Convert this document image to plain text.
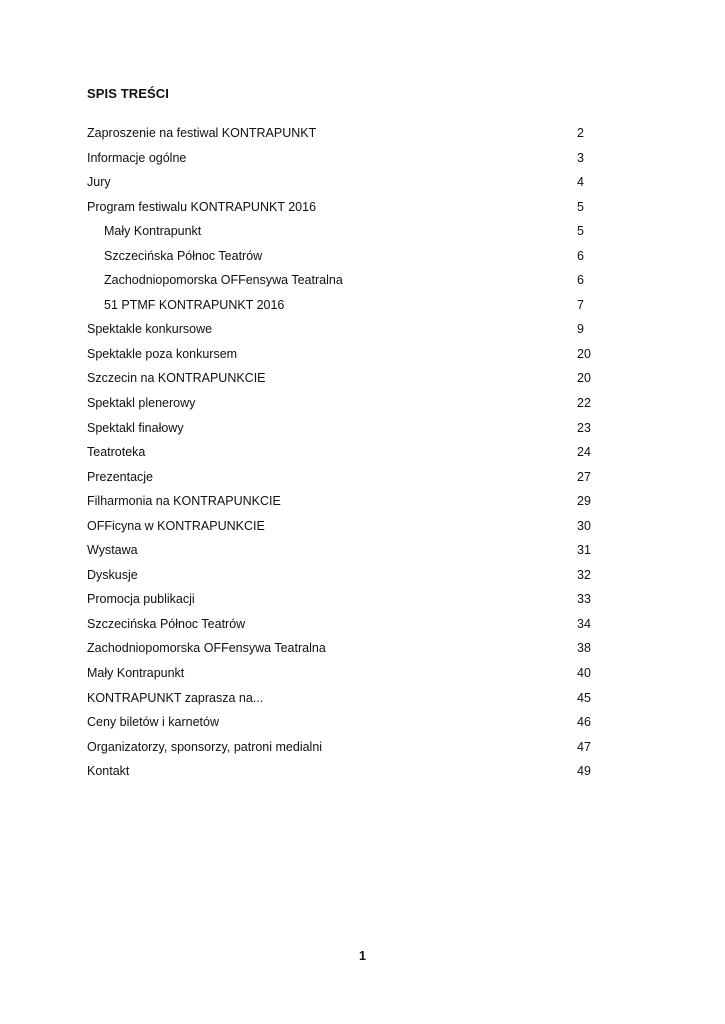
SPIS TREŚCI
Zaproszenie na festiwal KONTRAPUNKT	2
Informacje ogólne	3
Jury	4
Program festiwalu KONTRAPUNKT 2016	5
Mały Kontrapunkt	5
Szczecińska Północ Teatrów	6
Zachodniopomorska OFFensywa Teatralna	6
51 PTMF KONTRAPUNKT 2016	7
Spektakle konkursowe	9
Spektakle poza konkursem	20
Szczecin na KONTRAPUNKCIE	20
Spektakl plenerowy	22
Spektakl finałowy	23
Teatroteka	24
Prezentacje	27
Filharmonia na KONTRAPUNKCIE	29
OFFicyna w KONTRAPUNKCIE	30
Wystawa	31
Dyskusje	32
Promocja publikacji	33
Szczecińska Północ Teatrów	34
Zachodniopomorska OFFensywa Teatralna	38
Mały Kontrapunkt	40
KONTRAPUNKT zaprasza na...	45
Ceny biletów i karnetów	46
Organizatorzy, sponsorzy, patroni medialni	47
Kontakt	49
1
